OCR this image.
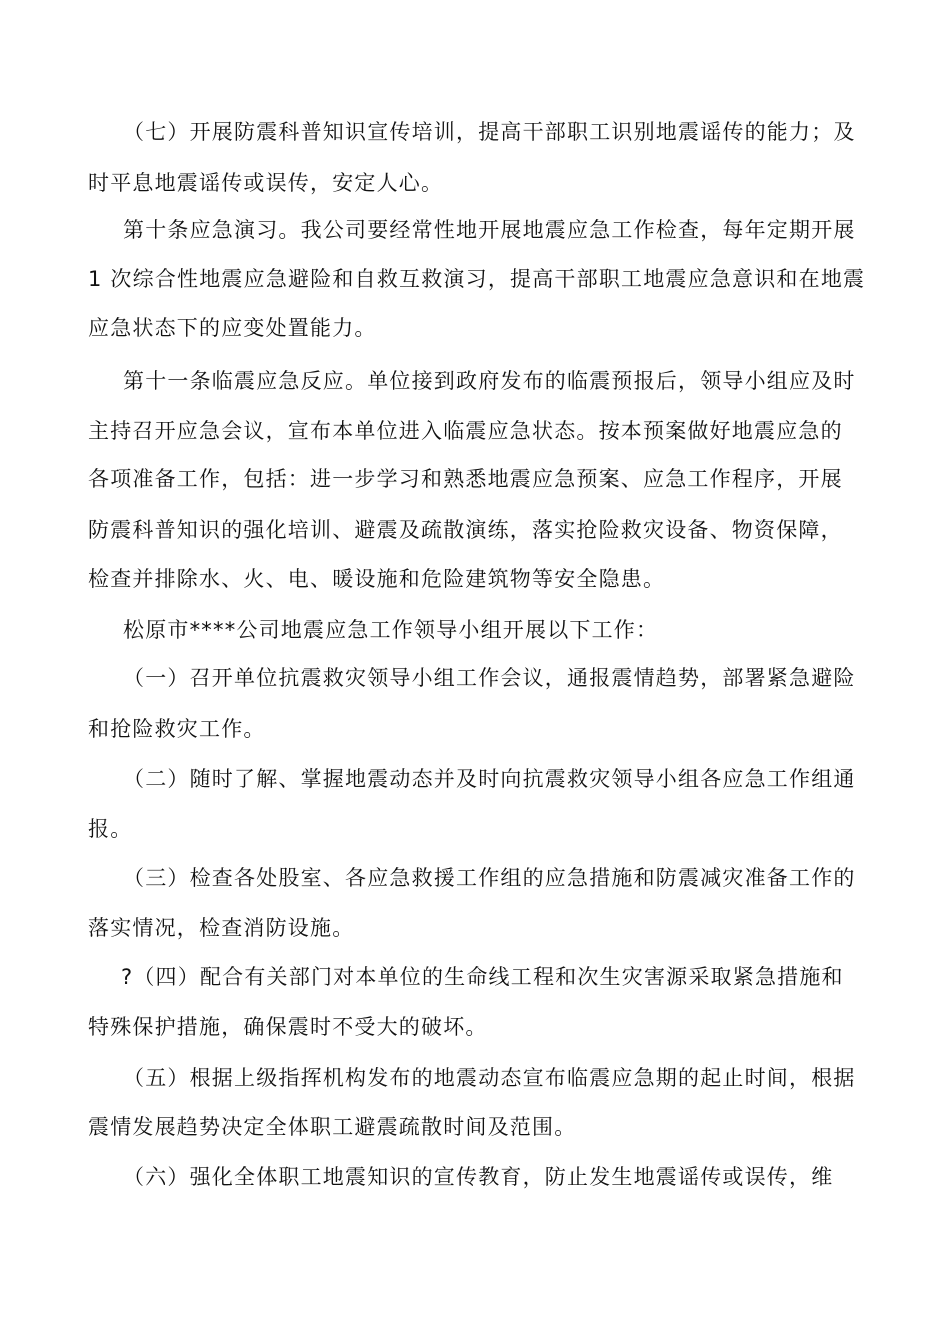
（七）开展防震科普知识宣传培训，提高干部职工识别地震谣传的能力；及

时平息地震谣传或误传，安定人心。

第十条应急演习。我公司要经常性地开展地震应急工作检查，每年定期开展

1 次综合性地震应急避险和自救互救演习，提高干部职工地震应急意识和在地震

应急状态下的应变处置能力。

第十一条临震应急反应。单位接到政府发布的临震预报后，领导小组应及时

主持召开应急会议，宣布本单位进入临震应急状态。按本预案做好地震应急的

各项准备工作，包括：进一步学习和熟悉地震应急预案、应急工作程序，开展

防震科普知识的强化培训、避震及疏散演练，落实抢险救灾设备、物资保障，

检查并排除水、火、电、暖设施和危险建筑物等安全隐患。

松原市****公司地震应急工作领导小组开展以下工作：

（一）召开单位抗震救灾领导小组工作会议，通报震情趋势，部署紧急避险

和抢险救灾工作。

（二）随时了解、掌握地震动态并及时向抗震救灾领导小组各应急工作组通

报。

（三）检查各处股室、各应急救援工作组的应急措施和防震减灾准备工作的

落实情况，检查消防设施。

?（四）配合有关部门对本单位的生命线工程和次生灾害源采取紧急措施和

特殊保护措施，确保震时不受大的破坏。

（五）根据上级指挥机构发布的地震动态宣布临震应急期的起止时间，根据

震情发展趋势决定全体职工避震疏散时间及范围。

（六）强化全体职工地震知识的宣传教育，防止发生地震谣传或误传，维
